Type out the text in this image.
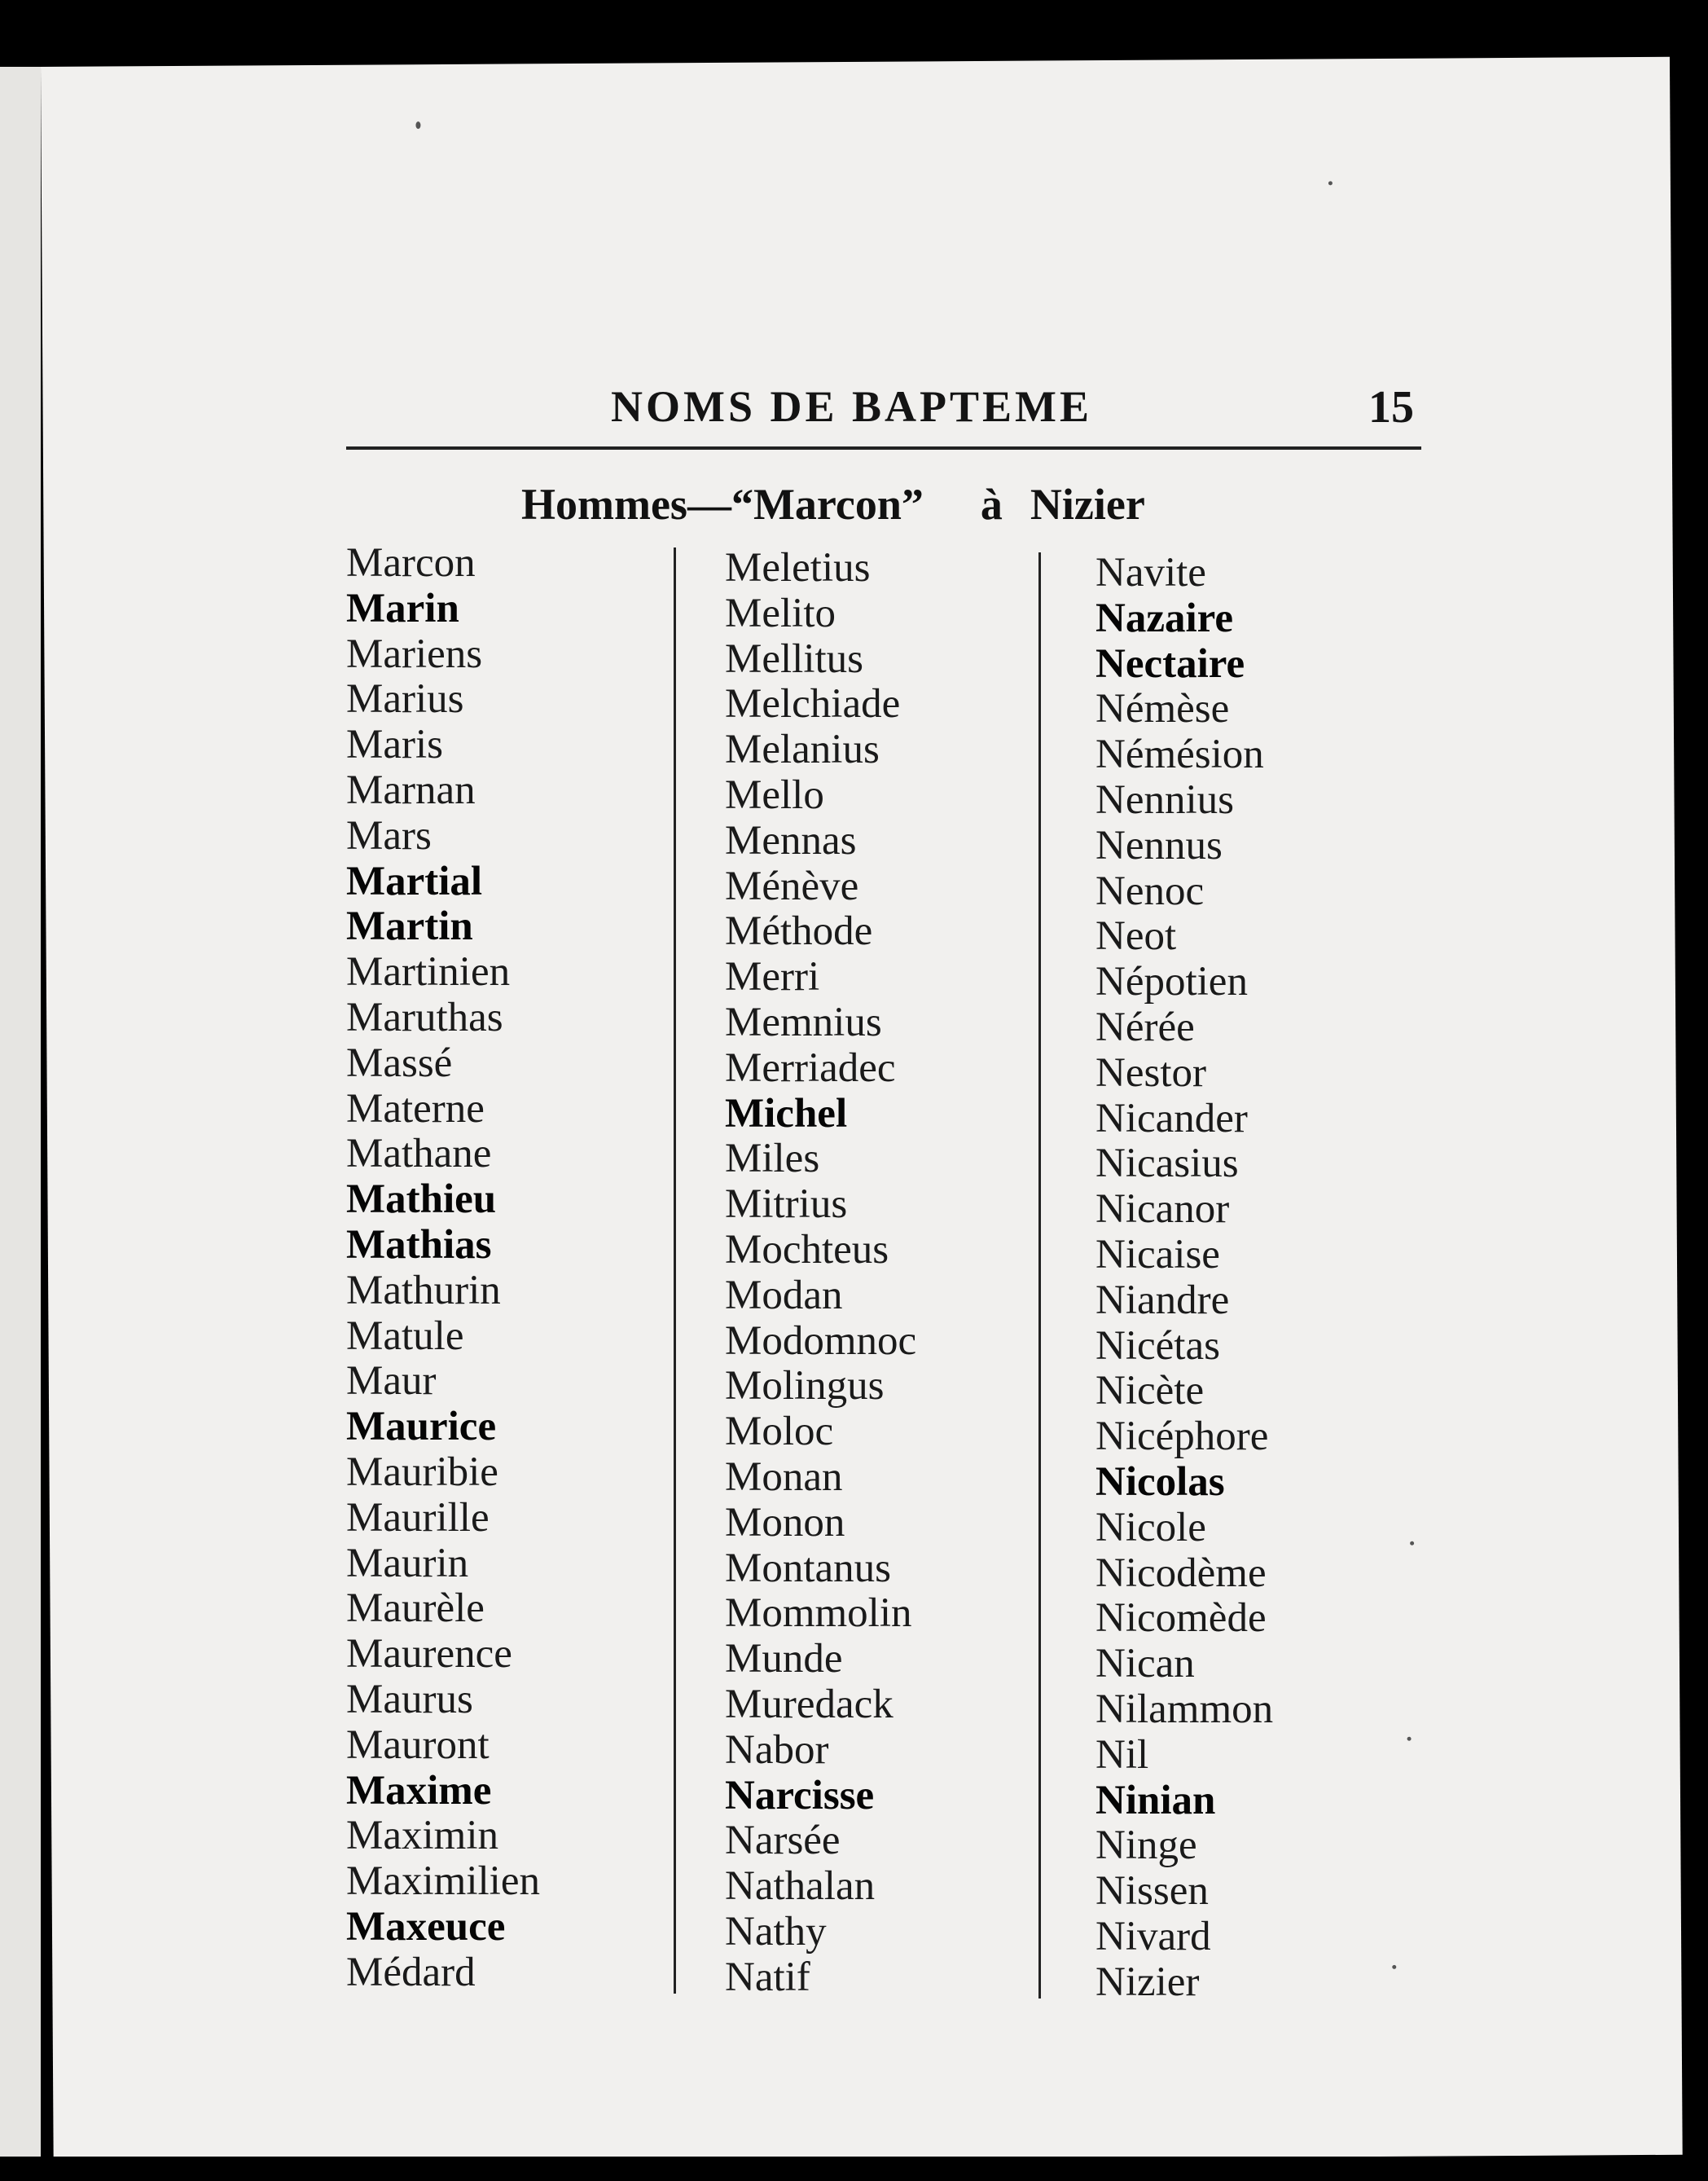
NOMS DE BAPTEME	15
Hommes—“Marcon” à Nizier
Marcon
Marin
Mariens
Marius
Maris
Marnan
Mars
Martial
Martin
Martinien
Maruthas
Massé
Materne
Mathane
Mathieu
Mathias
Mathurin
Matule
Maur
Maurice
Mauribie
Maurille
Maurin
Maurèle
Maurence
Maurus
Mauront
Maxime
Maximin
Maximilien
Maxeuce
Médard
Meletius
Melito
Mellitus
Melchiade
Melanius
Mello
Mennas
Ménève
Méthode
Merri
Memnius
Merriadec
Michel
Miles
Mitrius
Mochteus
Modan
Modomnoc
Molingus
Moloc
Monan
Monon
Montanus
Mommolin
Munde
Muredack
Nabor
Narcisse
Narsée
Nathalan
Nathy
Natif
Navite
Nazaire
Nectaire
Némèse
Némésion
Nennius
Nennus
Nenoc
Neot
Népotien
Nérée
Nestor
Nicander
Nicasius
Nicanor
Nicaise
Niandre
Nicétas
Nicète
Nicéphore
Nicolas
Nicole
Nicodème
Nicomède
Nican
Nilammon
Nil
Ninian
Ninge
Nissen
Nivard
Nizier
